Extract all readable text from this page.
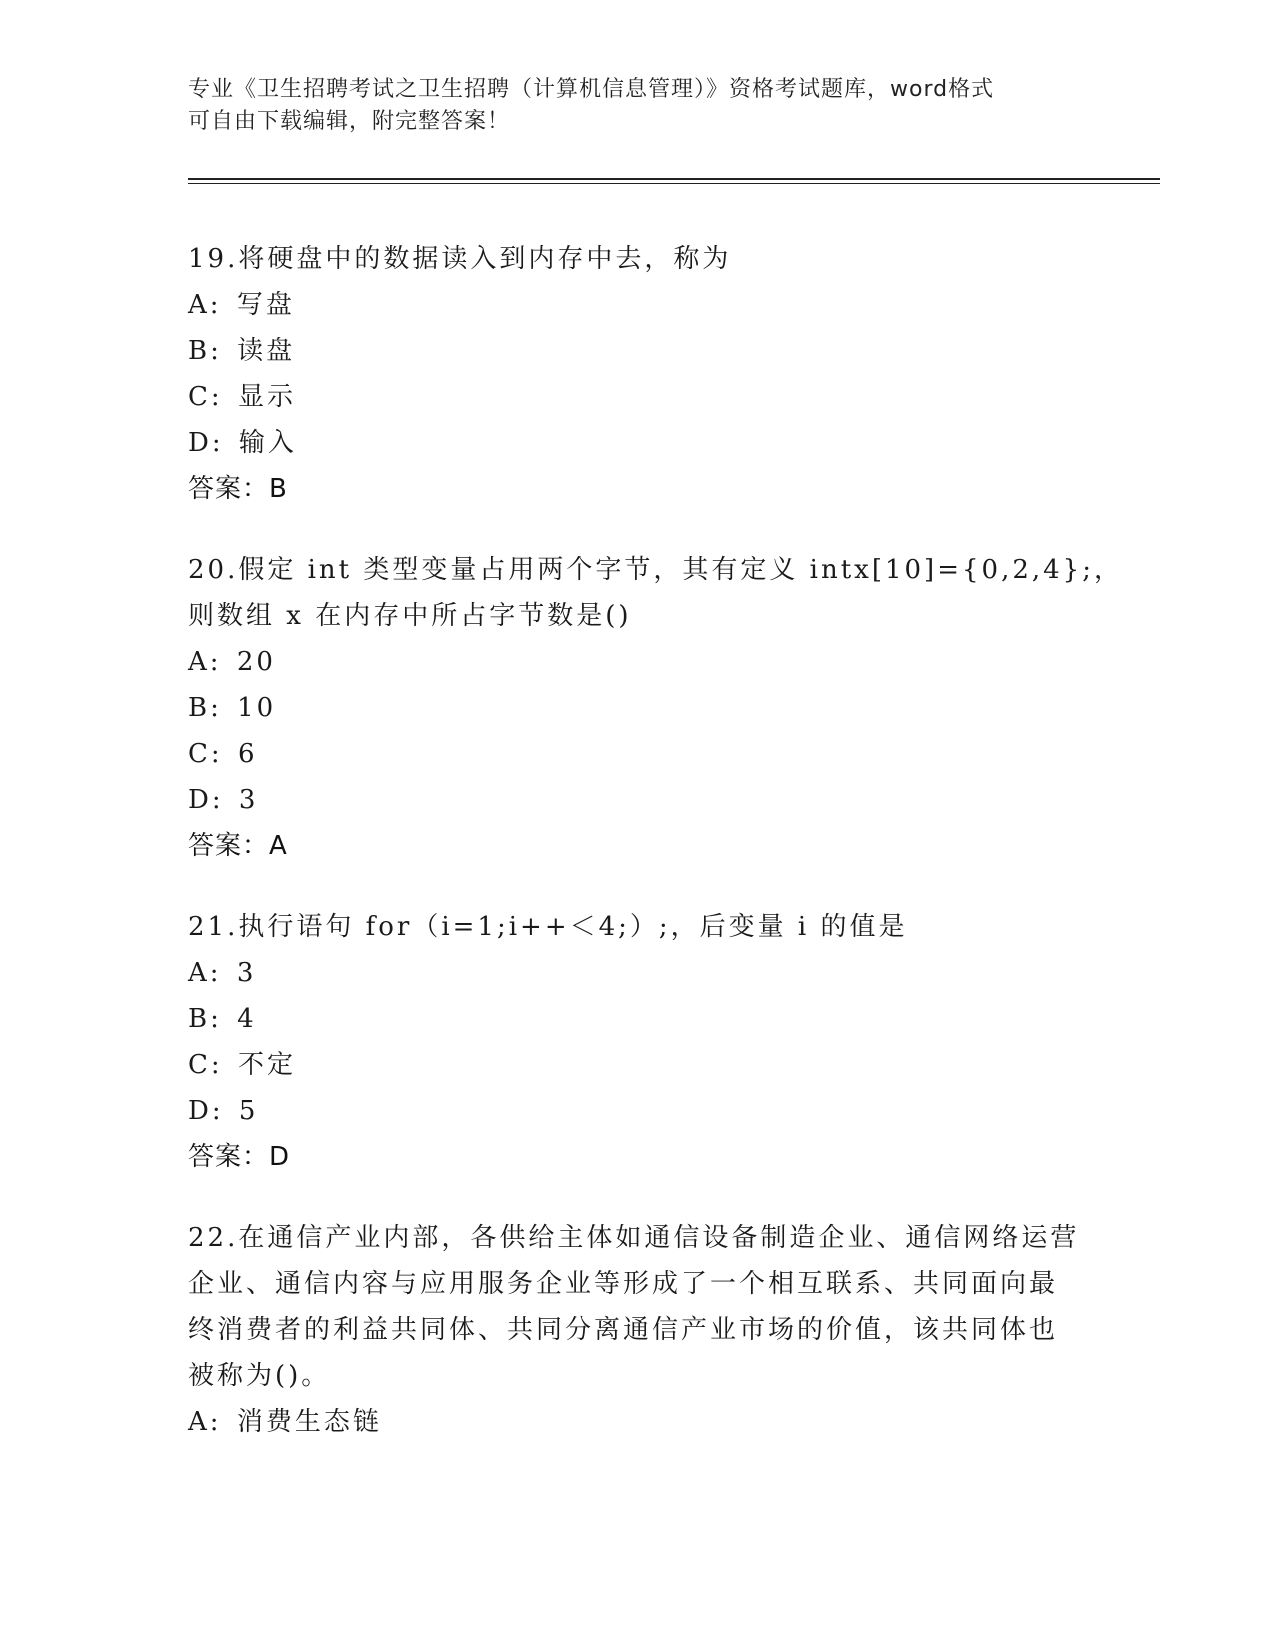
专业《卫生招聘考试之卫生招聘（计算机信息管理）》资格考试题库，word格式
可自由下载编辑，附完整答案！
19.将硬盘中的数据读入到内存中去，称为
A: 写盘
B: 读盘
C: 显示
D: 输入
答案：B
20.假定 int 类型变量占用两个字节，其有定义 intx[10]={0,2,4};，
则数组 x 在内存中所占字节数是()
A: 20
B: 10
C: 6
D: 3
答案：A
21.执行语句 for（i=1;i++＜4;）;，后变量 i 的值是
A: 3
B: 4
C: 不定
D: 5
答案：D
22.在通信产业内部，各供给主体如通信设备制造企业、通信网络运营
企业、通信内容与应用服务企业等形成了一个相互联系、共同面向最
终消费者的利益共同体、共同分离通信产业市场的价值，该共同体也
被称为()。
A: 消费生态链
